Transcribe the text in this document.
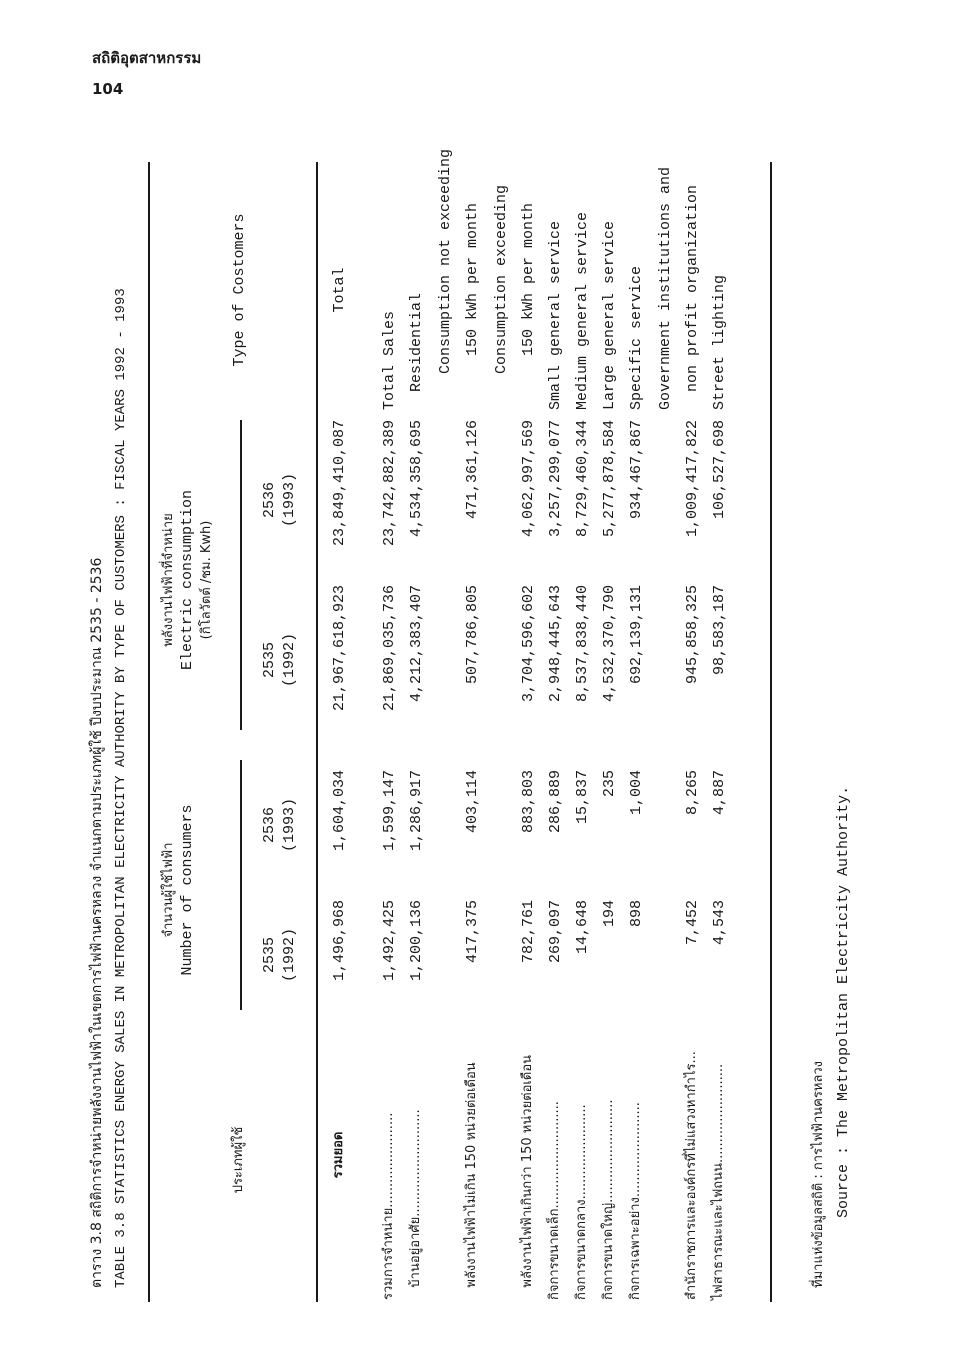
สถิติอุตสาหกรรม
104
ตาราง 3.8 สถิติการจำหน่ายพลังงานไฟฟ้าในเขตการไฟฟ้านครหลวง จำแนกตามประเภทผู้ใช้ ปีงบประมาณ 2535 - 2536 TABLE 3.8 STATISTICS ENERGY SALES IN METROPOLITAN ELECTRICITY AUTHORITY BY TYPE OF CUSTOMERS : FISCAL YEARS 1992 - 1993	ประเภทผู้ใช้
จำนวนผู้ใช้ไฟฟ้า Number of consumers	2535 (1992)
2536 (1993)
พลังงานไฟฟ้าที่จำหน่าย Electric consumption (กิโลวัตต์ /ชม. Kwh)
2535 (1992)
2536 (1993)
Type of Costomers
รวมยอด
1,496,968
1,604,034
21,967,618,923
23,849,410,087
Total
รวมการจำหน่าย.......................
1,492,425
1,599,147
21,869,035,736
23,742,882,389
Total Sales
บ้านอยู่อาศัย..........................
1,200,136
1,286,917
4,212,383,407
4,534,358,695
Residential Consumption not exceeding
พลังงานไฟฟ้าไม่เกิน 150 หน่วยต่อเดือน
417,375
403,114
507,786,805
471,361,126
150 kWh per month Consumption exceeding
พลังงานไฟฟ้าเกินกว่า 150 หน่วยต่อเดือน
782,761
883,803
3,704,596,602
4,062,997,569
150 kWh per month
กิจการขนาดเล็ก..........................
269,097
286,889
2,948,445,643
3,257,299,077
Small general service
กิจการขนาดกลาง.......................
14,648
15,837
8,537,838,440
8,729,460,344
Medium general service
กิจการขนาดใหญ่.........................
194
235
4,532,370,790
5,277,878,584
Large general service
กิจการเฉพาะอย่าง.......................
898
1,004
692,139,131
934,467,867
Specific service Government institutions and
สำนักราชการและองค์กรที่ไม่แสวงหากำไร...
7,452
8,265
945,858,325
1,009,417,822
non profit organization
ไฟสาธารณะและไฟถนน........................
4,543
4,887
98,583,187
106,527,698
Street lighting
ที่มาแห่งข้อมูลสถิติ : การไฟฟ้านครหลวง Source : The Metropolitan Electricity Authority.
